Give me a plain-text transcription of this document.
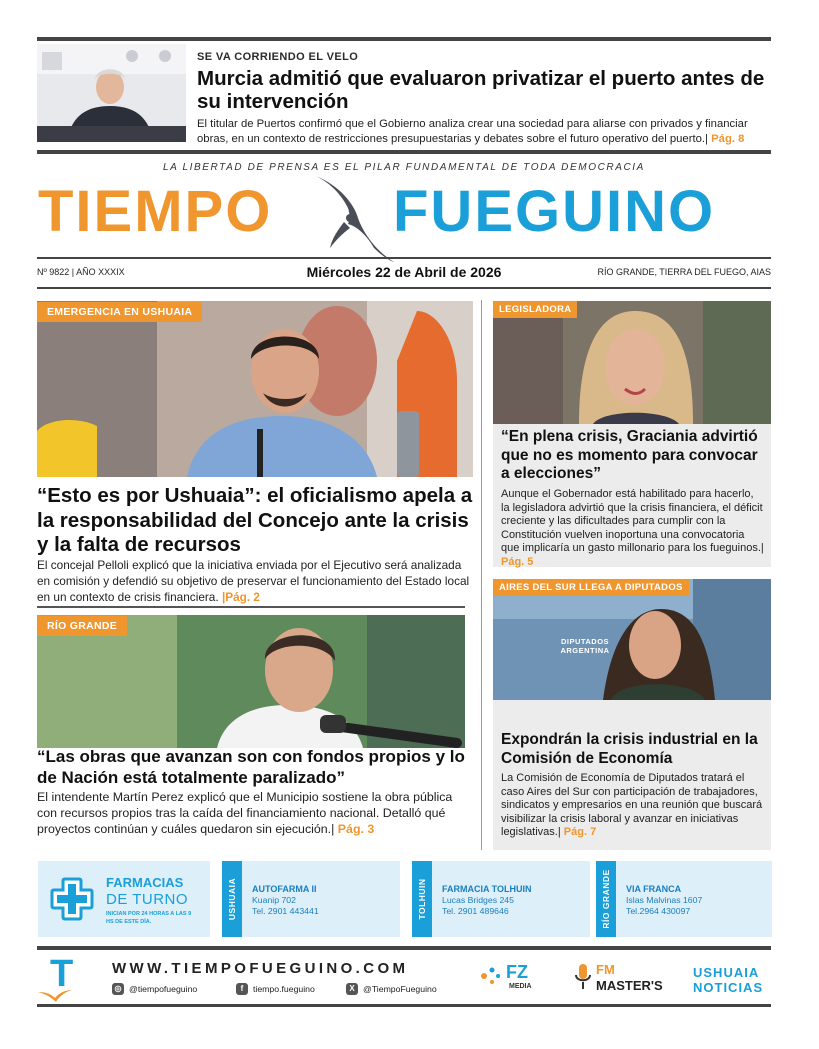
SE VA CORRIENDO EL VELO
Murcia admitió que evaluaron privatizar el puerto antes de su intervención
El titular de Puertos confirmó que el Gobierno analiza crear una sociedad para aliarse con privados y financiar obras, en un contexto de restricciones presupuestarias y debates sobre el futuro operativo del puerto.| Pág. 8
LA LIBERTAD DE PRENSA ES EL PILAR FUNDAMENTAL DE TODA DEMOCRACIA
TIEMPO FUEGUINO
Nº 9822 | AÑO XXXIX	Miércoles 22 de Abril de 2026	RÍO GRANDE, TIERRA DEL FUEGO, AIAS
EMERGENCIA EN USHUAIA
“Esto es por Ushuaia”: el oficialismo apela a la responsabilidad del Concejo ante la crisis y la falta de recursos
El concejal Pelloli explicó que la iniciativa enviada por el Ejecutivo será analizada en comisión y defendió su objetivo de preservar el funcionamiento del Estado local en un contexto de crisis financiera. |Pág. 2
RÍO GRANDE
“Las obras que avanzan son con fondos propios y lo de Nación está totalmente paralizado”
El intendente Martín Perez explicó que el Municipio sostiene la obra pública con recursos propios tras la caída del financiamiento nacional. Detalló qué proyectos continúan y cuáles quedaron sin ejecución.| Pág. 3
LEGISLADORA
“En plena crisis, Graciania advirtió que no es momento para convocar a elecciones”
Aunque el Gobernador está habilitado para hacerlo, la legisladora advirtió que la crisis financiera, el déficit creciente y las dificultades para cumplir con la Constitución vuelven inoportuna una convocatoria que implicaría un gasto millonario para los fueguinos.| Pág. 5
DIPUTADOS ARGENTINA
AIRES DEL SUR LLEGA A DIPUTADOS
Expondrán la crisis industrial en la Comisión de Economía
La Comisión de Economía de Diputados tratará el caso Aires del Sur con participación de trabajadores, sindicatos y empresarios en una reunión que buscará visibilizar la crisis laboral y avanzar en iniciativas legislativas.| Pág. 7
FARMACIAS
DE TURNO
INICIAN POR 24 HORAS A LAS 9 HS DE ESTE DÍA.
USHUAIA AUTOFARMA II
Kuanip 702
Tel. 2901 443441	TOLHUIN FARMACIA TOLHUIN
Lucas Bridges 245
Tel. 2901 489646	RÍO GRANDE VIA FRANCA
Islas Malvinas 1607
Tel.2964 430097
T	WWW.TIEMPOFUEGUINO.COM
◎ @tiempofueguino	f	tiempo.fueguino	X @TiempoFueguino
FZ
MEDIA
FM
MASTER'S
USHUAIA
NOTICIAS
